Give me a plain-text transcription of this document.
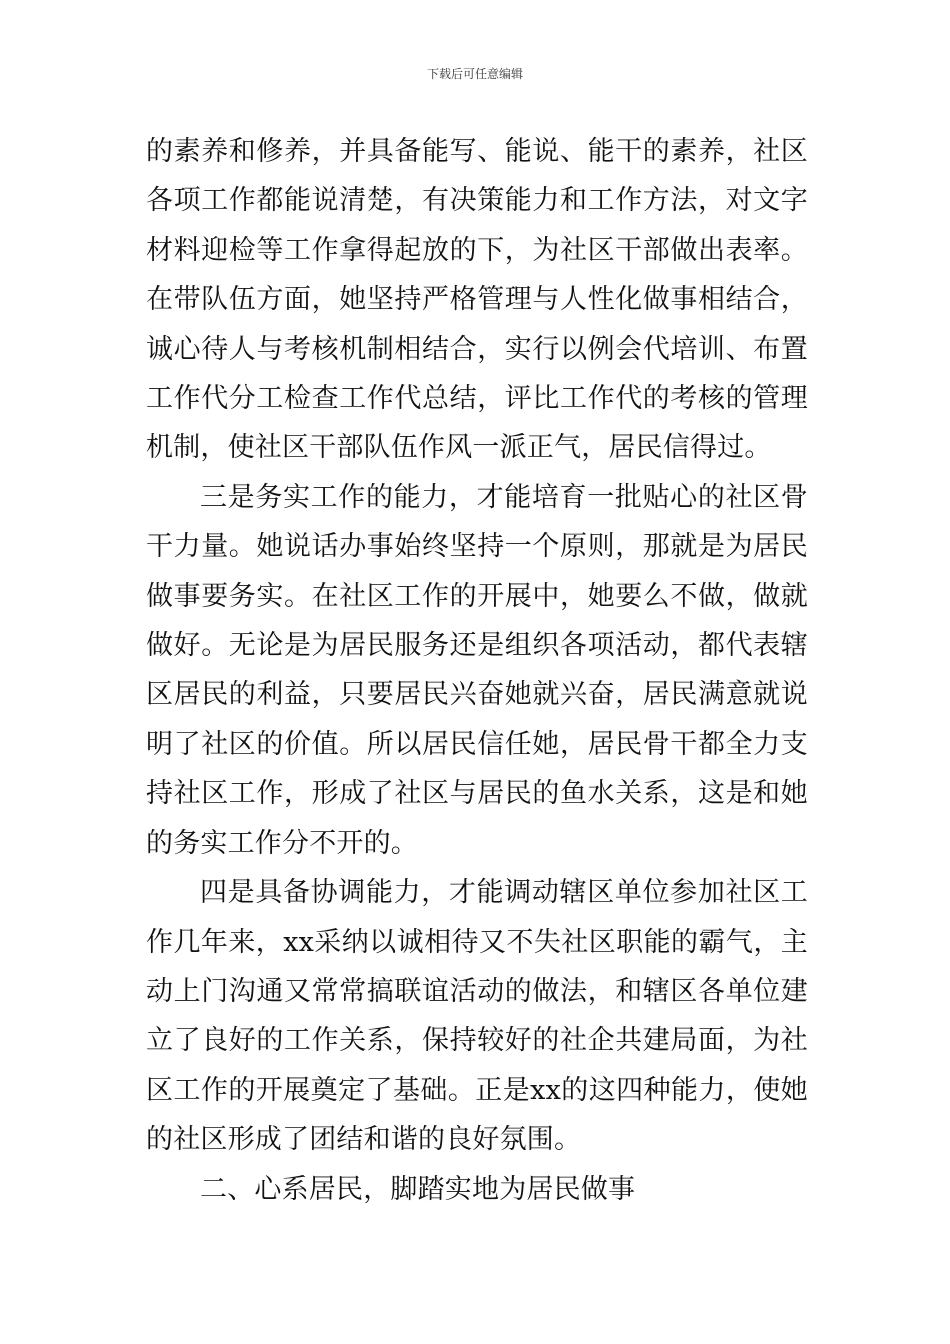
下载后可任意编辑

的素养和修养，并具备能写、能说、能干的素养，社区各项工作都能说清楚，有决策能力和工作方法，对文字材料迎检等工作拿得起放的下，为社区干部做出表率。在带队伍方面，她坚持严格管理与人性化做事相结合，诚心待人与考核机制相结合，实行以例会代培训、布置工作代分工检查工作代总结，评比工作代的考核的管理机制，使社区干部队伍作风一派正气，居民信得过。

三是务实工作的能力，才能培育一批贴心的社区骨干力量。她说话办事始终坚持一个原则，那就是为居民做事要务实。在社区工作的开展中，她要么不做，做就做好。无论是为居民服务还是组织各项活动，都代表辖区居民的利益，只要居民兴奋她就兴奋，居民满意就说明了社区的价值。所以居民信任她，居民骨干都全力支持社区工作，形成了社区与居民的鱼水关系，这是和她的务实工作分不开的。

四是具备协调能力，才能调动辖区单位参加社区工作几年来，xx采纳以诚相待又不失社区职能的霸气，主动上门沟通又常常搞联谊活动的做法，和辖区各单位建立了良好的工作关系，保持较好的社企共建局面，为社区工作的开展奠定了基础。正是xx的这四种能力，使她的社区形成了团结和谐的良好氛围。

二、心系居民，脚踏实地为居民做事
